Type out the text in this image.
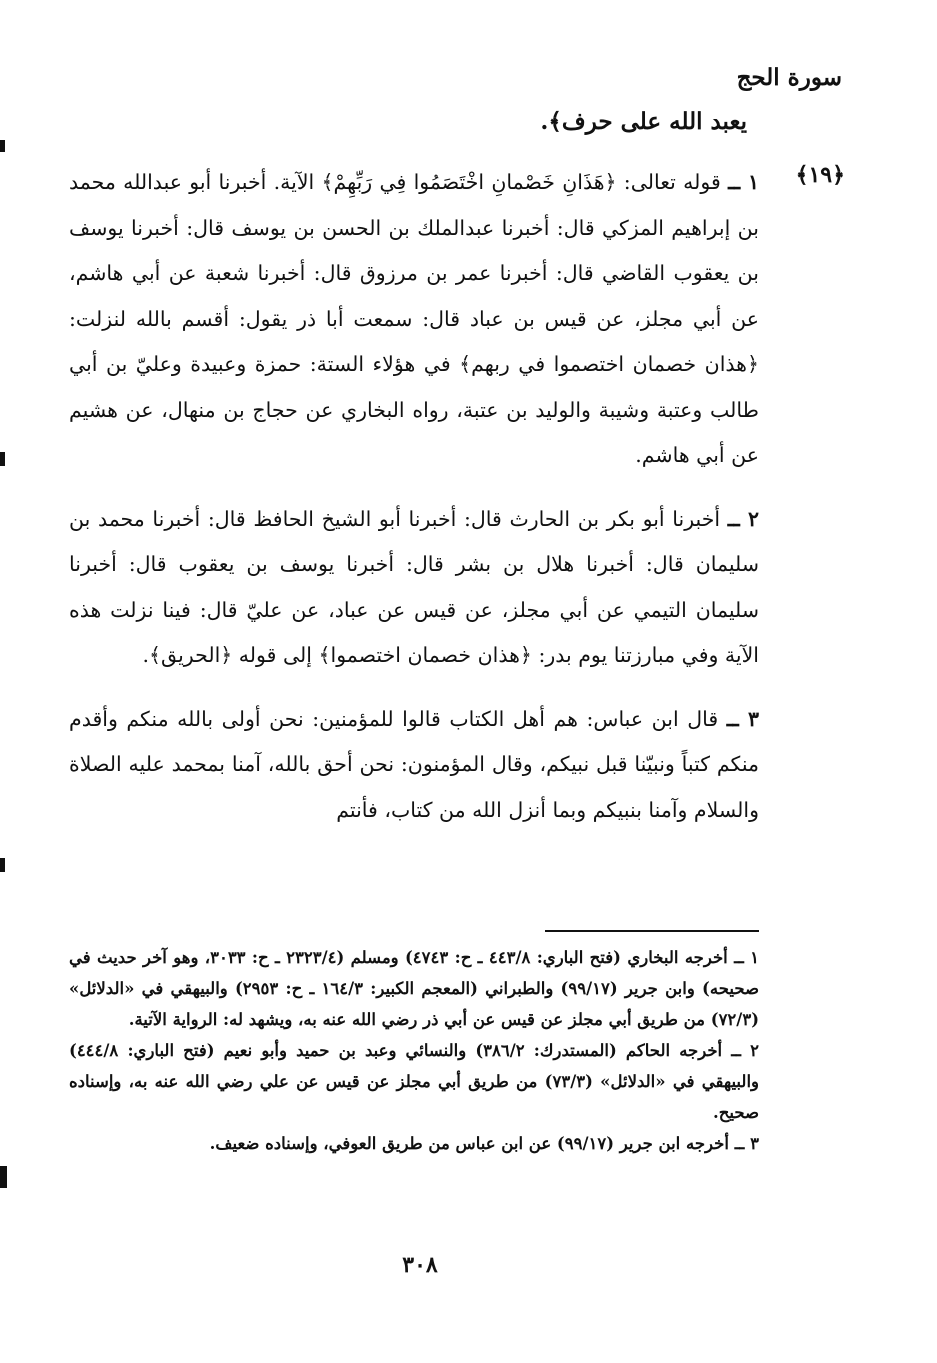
سورة الحج
يعبد الله على حرف﴾.
﴿١٩﴾

١ ــ قوله تعالى: ﴿هَذَانِ خَصْمانِ اخْتَصَمُوا فِي رَبِّهِمْ﴾ الآية. أخبرنا أبو عبدالله محمد بن إبراهيم المزكي قال: أخبرنا عبدالملك بن الحسن بن يوسف قال: أخبرنا يوسف بن يعقوب القاضي قال: أخبرنا عمر بن مرزوق قال: أخبرنا شعبة عن أبي هاشم، عن أبي مجلز، عن قيس بن عباد قال: سمعت أبا ذر يقول: أقسم بالله لنزلت: ﴿هذان خصمان اختصموا في ربهم﴾ في هؤلاء الستة: حمزة وعبيدة وعليّ بن أبي طالب وعتبة وشيبة والوليد بن عتبة، رواه البخاري عن حجاج بن منهال، عن هشيم عن أبي هاشم.

٢ ــ أخبرنا أبو بكر بن الحارث قال: أخبرنا أبو الشيخ الحافظ قال: أخبرنا محمد بن سليمان قال: أخبرنا هلال بن بشر قال: أخبرنا يوسف بن يعقوب قال: أخبرنا سليمان التيمي عن أبي مجلز، عن قيس عن عباد، عن عليّ قال: فينا نزلت هذه الآية وفي مبارزتنا يوم بدر: ﴿هذان خصمان اختصموا﴾ إلى قوله ﴿الحريق﴾.

٣ ــ قال ابن عباس: هم أهل الكتاب قالوا للمؤمنين: نحن أولى بالله منكم وأقدم منكم كتباً ونبيّنا قبل نبيكم، وقال المؤمنون: نحن أحق بالله، آمنا بمحمد عليه الصلاة والسلام وآمنا بنبيكم وبما أنزل الله من كتاب، فأنتم

١ ــ أخرجه البخاري (فتح الباري: ٤٤٣/٨ ـ ح: ٤٧٤٣) ومسلم (٢٣٢٣/٤ ـ ح: ٣٠٣٣، وهو آخر حديث في صحيحه) وابن جرير (٩٩/١٧) والطبراني (المعجم الكبير: ١٦٤/٣ ـ ح: ٢٩٥٣) والبيهقي في «الدلائل» (٧٢/٣) من طريق أبي مجلز عن قيس عن أبي ذر رضي الله عنه به، ويشهد له: الرواية الآتية.

٢ ــ أخرجه الحاكم (المستدرك: ٣٨٦/٢) والنسائي وعبد بن حميد وأبو نعيم (فتح الباري: ٤٤٤/٨) والبيهقي في «الدلائل» (٧٣/٣) من طريق أبي مجلز عن قيس عن علي رضي الله عنه به، وإسناده صحيح.

٣ ــ أخرجه ابن جرير (٩٩/١٧) عن ابن عباس من طريق العوفي، وإسناده ضعيف.

٣٠٨
